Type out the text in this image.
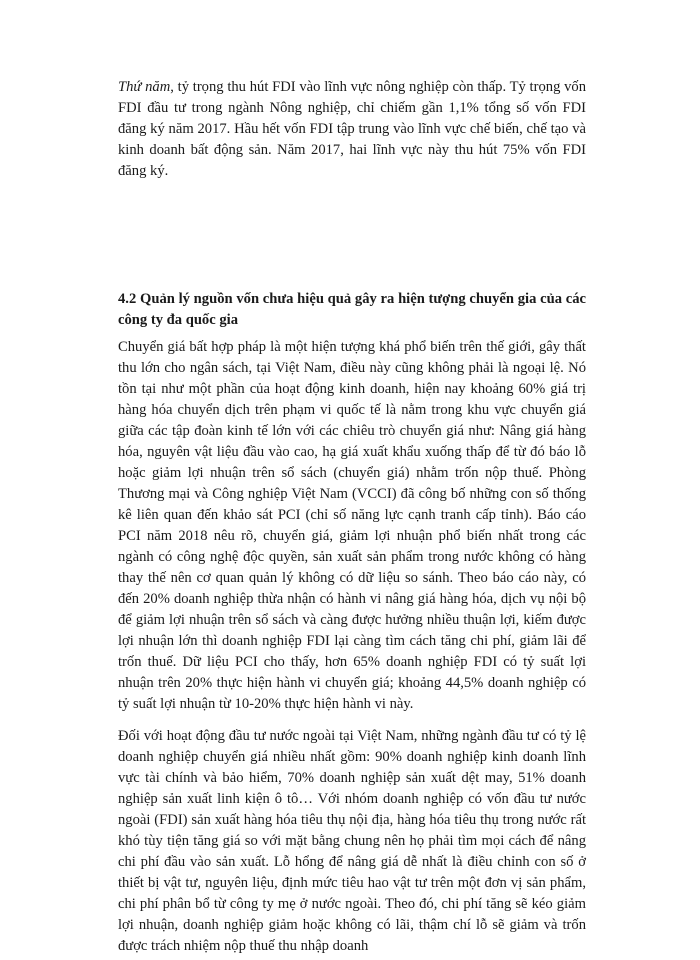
Thứ năm, tỷ trọng thu hút FDI vào lĩnh vực nông nghiệp còn thấp. Tỷ trọng vốn FDI đầu tư trong ngành Nông nghiệp, chỉ chiếm gần 1,1% tổng số vốn FDI đăng ký năm 2017. Hầu hết vốn FDI tập trung vào lĩnh vực chế biến, chế tạo và kinh doanh bất động sản. Năm 2017, hai lĩnh vực này thu hút 75% vốn FDI đăng ký.

4.2 Quản lý nguồn vốn chưa hiệu quả gây ra hiện tượng chuyển gia của các công ty đa quốc gia

Chuyển giá bất hợp pháp là một hiện tượng khá phổ biến trên thế giới, gây thất thu lớn cho ngân sách, tại Việt Nam, điều này cũng không phải là ngoại lệ. Nó tồn tại như một phần của hoạt động kinh doanh, hiện nay khoảng 60% giá trị hàng hóa chuyển dịch trên phạm vi quốc tế là nằm trong khu vực chuyển giá giữa các tập đoàn kinh tế lớn với các chiêu trò chuyển giá như: Nâng giá hàng hóa, nguyên vật liệu đầu vào cao, hạ giá xuất khẩu xuống thấp để từ đó báo lỗ hoặc giảm lợi nhuận trên sổ sách (chuyển giá) nhằm trốn nộp thuế. Phòng Thương mại và Công nghiệp Việt Nam (VCCI) đã công bố những con số thống kê liên quan đến khảo sát PCI (chỉ số năng lực cạnh tranh cấp tỉnh). Báo cáo PCI năm 2018 nêu rõ, chuyển giá, giảm lợi nhuận phổ biến nhất trong các ngành có công nghệ độc quyền, sản xuất sản phẩm trong nước không có hàng thay thế nên cơ quan quản lý không có dữ liệu so sánh. Theo báo cáo này, có đến 20% doanh nghiệp thừa nhận có hành vi nâng giá hàng hóa, dịch vụ nội bộ để giảm lợi nhuận trên sổ sách và càng được hưởng nhiều thuận lợi, kiếm được lợi nhuận lớn thì doanh nghiệp FDI lại càng tìm cách tăng chi phí, giảm lãi để trốn thuế. Dữ liệu PCI cho thấy, hơn 65% doanh nghiệp FDI có tỷ suất lợi nhuận trên 20% thực hiện hành vi chuyển giá; khoảng 44,5% doanh nghiệp có tỷ suất lợi nhuận từ 10-20% thực hiện hành vi này.

Đối với hoạt động đầu tư nước ngoài tại Việt Nam, những ngành đầu tư có tỷ lệ doanh nghiệp chuyển giá nhiều nhất gồm: 90% doanh nghiệp kinh doanh lĩnh vực tài chính và bảo hiểm, 70% doanh nghiệp sản xuất dệt may, 51% doanh nghiệp sản xuất linh kiện ô tô… Với nhóm doanh nghiệp có vốn đầu tư nước ngoài (FDI) sản xuất hàng hóa tiêu thụ nội địa, hàng hóa tiêu thụ trong nước rất khó tùy tiện tăng giá so với mặt bằng chung nên họ phải tìm mọi cách để nâng chi phí đầu vào sản xuất. Lỗ hổng để nâng giá dễ nhất là điều chỉnh con số ở thiết bị vật tư, nguyên liệu, định mức tiêu hao vật tư trên một đơn vị sản phẩm, chi phí phân bổ từ công ty mẹ ở nước ngoài. Theo đó, chi phí tăng sẽ kéo giảm lợi nhuận, doanh nghiệp giảm hoặc không có lãi, thậm chí lỗ sẽ giảm và trốn được trách nhiệm nộp thuế thu nhập doanh
